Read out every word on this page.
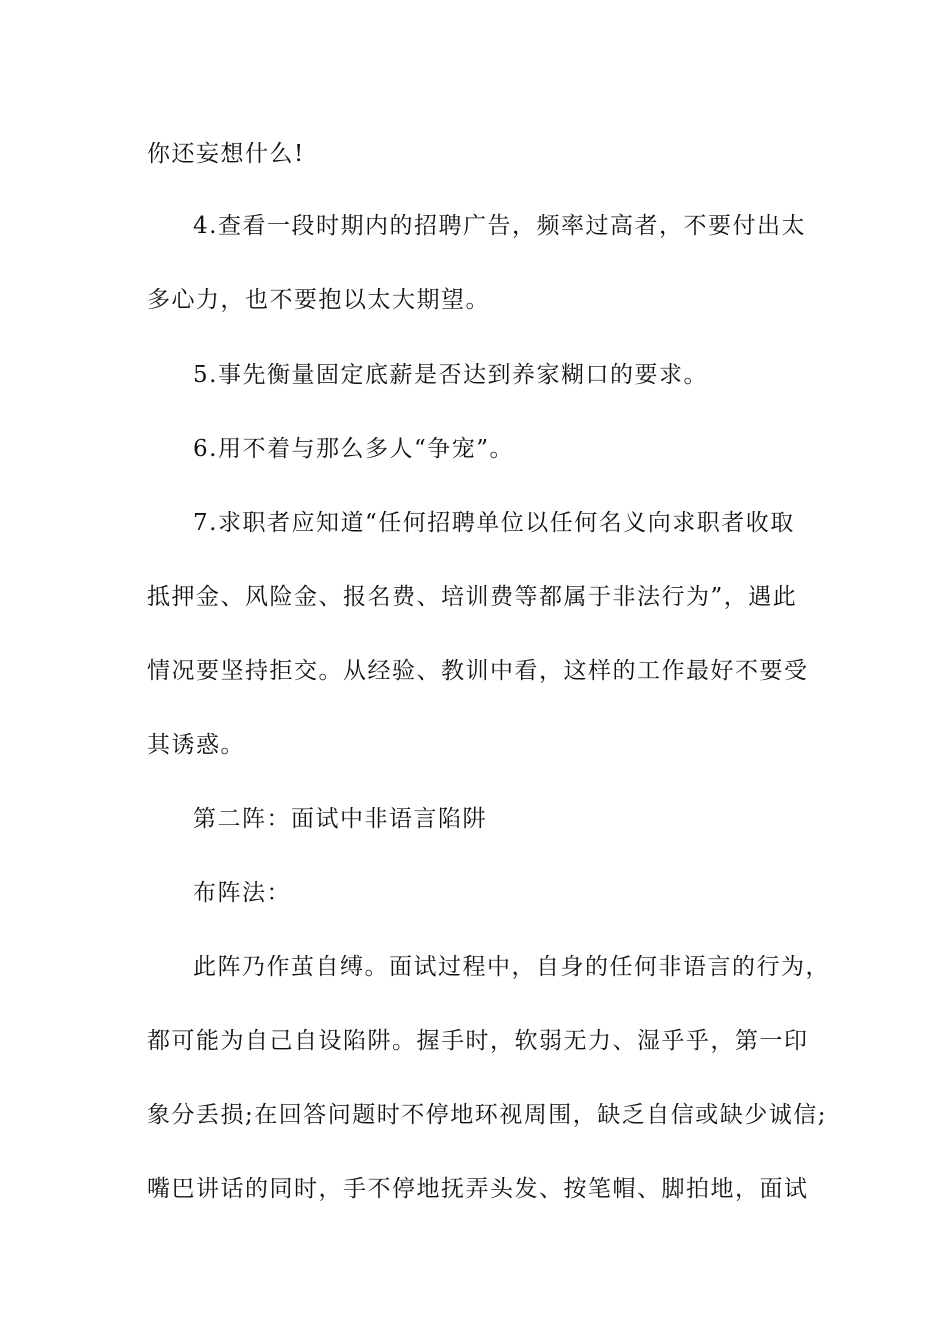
你还妄想什么!
4.查看一段时期内的招聘广告，频率过高者，不要付出太
多心力，也不要抱以太大期望。
5.事先衡量固定底薪是否达到养家糊口的要求。
6.用不着与那么多人“争宠”。
7.求职者应知道“任何招聘单位以任何名义向求职者收取
抵押金、风险金、报名费、培训费等都属于非法行为”，遇此
情况要坚持拒交。从经验、教训中看，这样的工作最好不要受
其诱惑。
第二阵：面试中非语言陷阱
布阵法：
此阵乃作茧自缚。面试过程中，自身的任何非语言的行为，
都可能为自己自设陷阱。握手时，软弱无力、湿乎乎，第一印
象分丢损;在回答问题时不停地环视周围，缺乏自信或缺少诚信;
嘴巴讲话的同时，手不停地抚弄头发、按笔帽、脚拍地，面试
